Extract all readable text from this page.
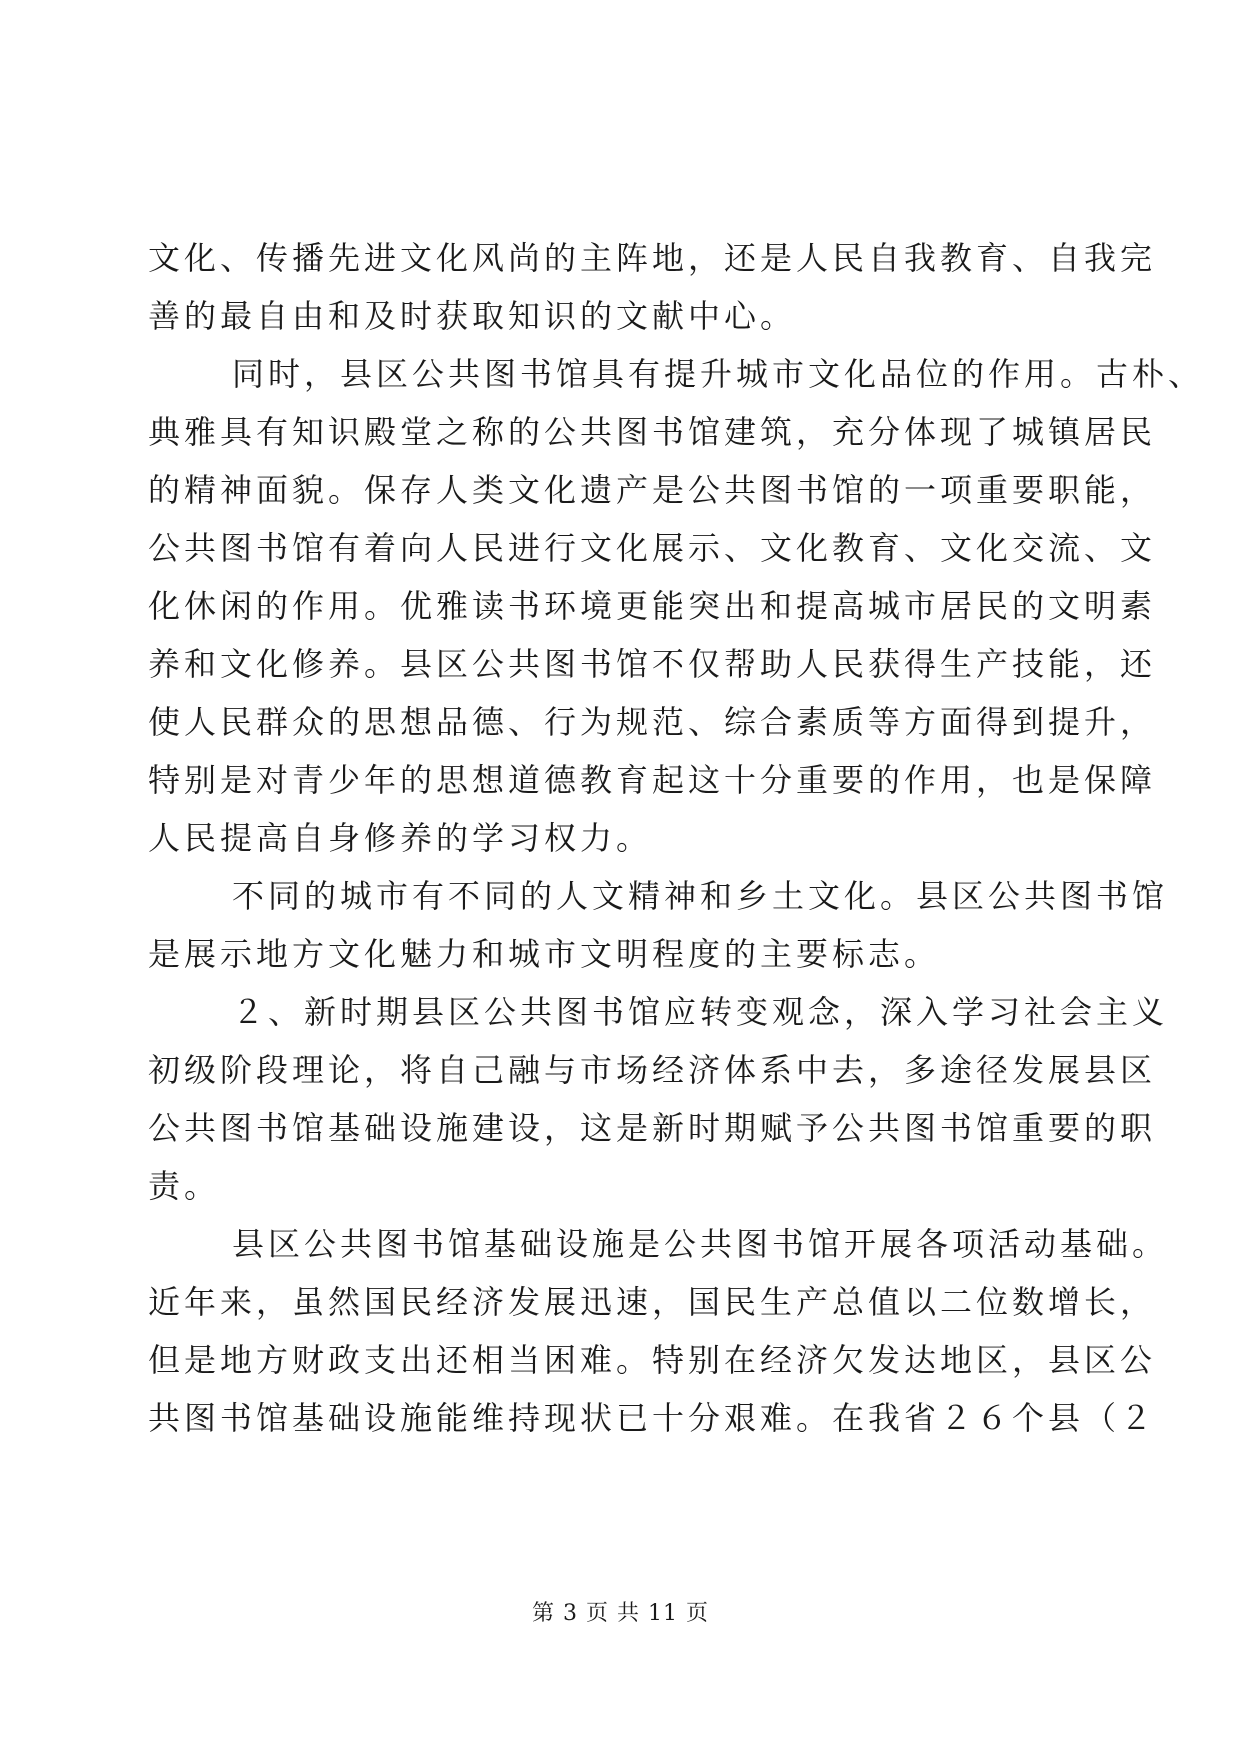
文化、传播先进文化风尚的主阵地，还是人民自我教育、自我完

善的最自由和及时获取知识的文献中心。

同时，县区公共图书馆具有提升城市文化品位的作用。古朴、

典雅具有知识殿堂之称的公共图书馆建筑，充分体现了城镇居民

的精神面貌。保存人类文化遗产是公共图书馆的一项重要职能，

公共图书馆有着向人民进行文化展示、文化教育、文化交流、文

化休闲的作用。优雅读书环境更能突出和提高城市居民的文明素

养和文化修养。县区公共图书馆不仅帮助人民获得生产技能，还

使人民群众的思想品德、行为规范、综合素质等方面得到提升，

特别是对青少年的思想道德教育起这十分重要的作用，也是保障

人民提高自身修养的学习权力。

不同的城市有不同的人文精神和乡土文化。县区公共图书馆

是展示地方文化魅力和城市文明程度的主要标志。

２、新时期县区公共图书馆应转变观念，深入学习社会主义

初级阶段理论，将自己融与市场经济体系中去，多途径发展县区

公共图书馆基础设施建设，这是新时期赋予公共图书馆重要的职

责。

县区公共图书馆基础设施是公共图书馆开展各项活动基础。

近年来，虽然国民经济发展迅速，国民生产总值以二位数增长，

但是地方财政支出还相当困难。特别在经济欠发达地区，县区公

共图书馆基础设施能维持现状已十分艰难。在我省２６个县（２

第 3 页 共 11 页
